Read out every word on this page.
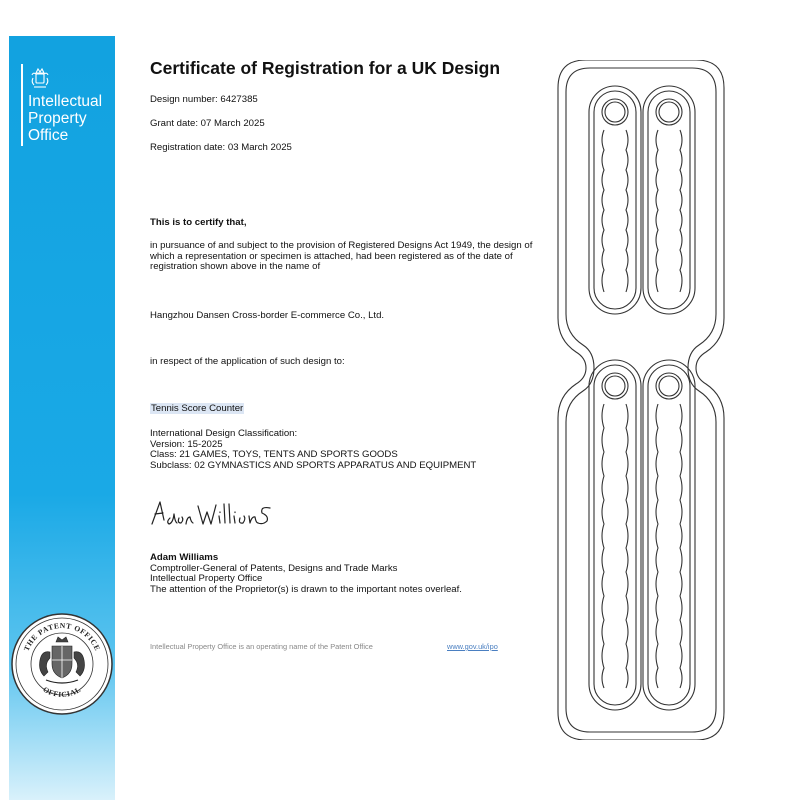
Intellectual
Property
Office
Certificate of Registration for a UK Design
Design number: 6427385
Grant date: 07 March 2025
Registration date: 03 March 2025
This is to certify that,
in pursuance of and subject to the provision of Registered Designs Act 1949, the design of which a representation or specimen is attached, had been registered as of the date of registration shown above in the name of
Hangzhou Dansen Cross-border E-commerce Co., Ltd.
in respect of the application of such design to:
Tennis Score Counter
International Design Classification:
Version: 15-2025
Class: 21 GAMES, TOYS, TENTS AND SPORTS GOODS
Subclass: 02 GYMNASTICS AND SPORTS APPARATUS AND EQUIPMENT
Adam Williams
Comptroller-General of Patents, Designs and Trade Marks
Intellectual Property Office
The attention of the Proprietor(s) is drawn to the important notes overleaf.
Intellectual Property Office is an operating name of the Patent Office	www.gov.uk/ipo
THE PATENT OFFICE
OFFICIAL
